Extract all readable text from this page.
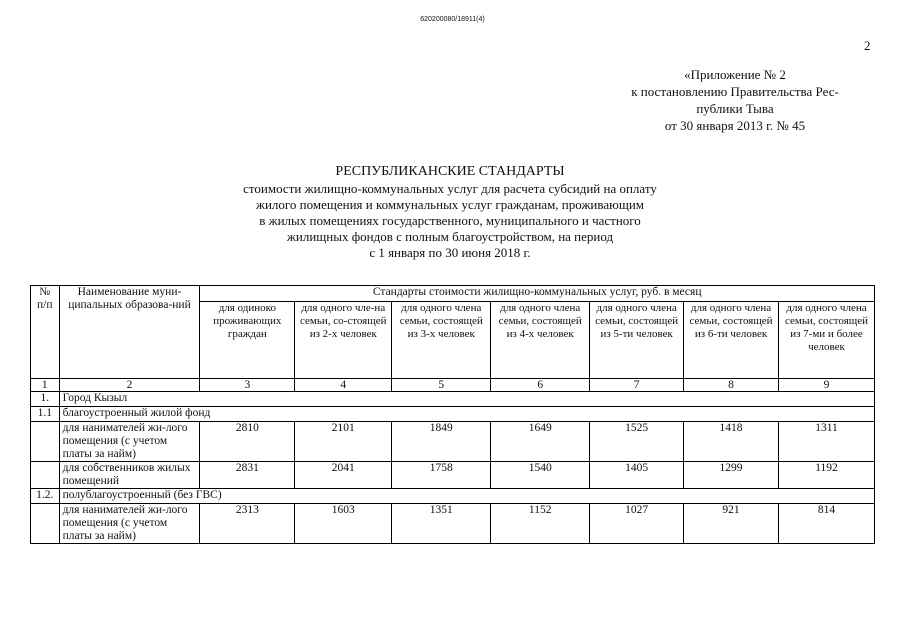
620200080/18911(4)
2
«Приложение № 2
к постановлению Правительства Рес-
публики Тыва
от 30 января 2013 г. № 45
РЕСПУБЛИКАНСКИЕ СТАНДАРТЫ
стоимости жилищно-коммунальных услуг для расчета субсидий на оплату
жилого помещения и коммунальных услуг гражданам, проживающим
в жилых помещениях государственного, муниципального и частного
жилищных фондов с полным благоустройством, на период
с 1 января по 30 июня 2018 г.
№ п/п	Наименование муни-ципальных образова-ний	Стандарты стоимости жилищно-коммунальных услуг, руб. в месяц						
		для одиноко проживающих граждан	для одного чле-на семьи, со-стоящей из 2-х человек	для одного члена семьи, состоящей из 3-х человек	для одного члена семьи, состоящей из 4-х человек	для одного члена семьи, состоящей из 5-ти человек	для одного члена семьи, состоящей из 6-ти человек	для одного члена семьи, состоящей из 7-ми и более человек
1	2	3	4	5	6	7	8	9
1.	Город Кызыл							
1.1	благоустроенный жилой фонд							
	для нанимателей жи-лого помещения (с учетом платы за найм)	2810	2101	1849	1649	1525	1418	1311
	для собственников жилых помещений	2831	2041	1758	1540	1405	1299	1192
1.2.	полублагоустроенный (без ГВС)							
	для нанимателей жи-лого помещения (с учетом платы за найм)	2313	1603	1351	1152	1027	921	814
